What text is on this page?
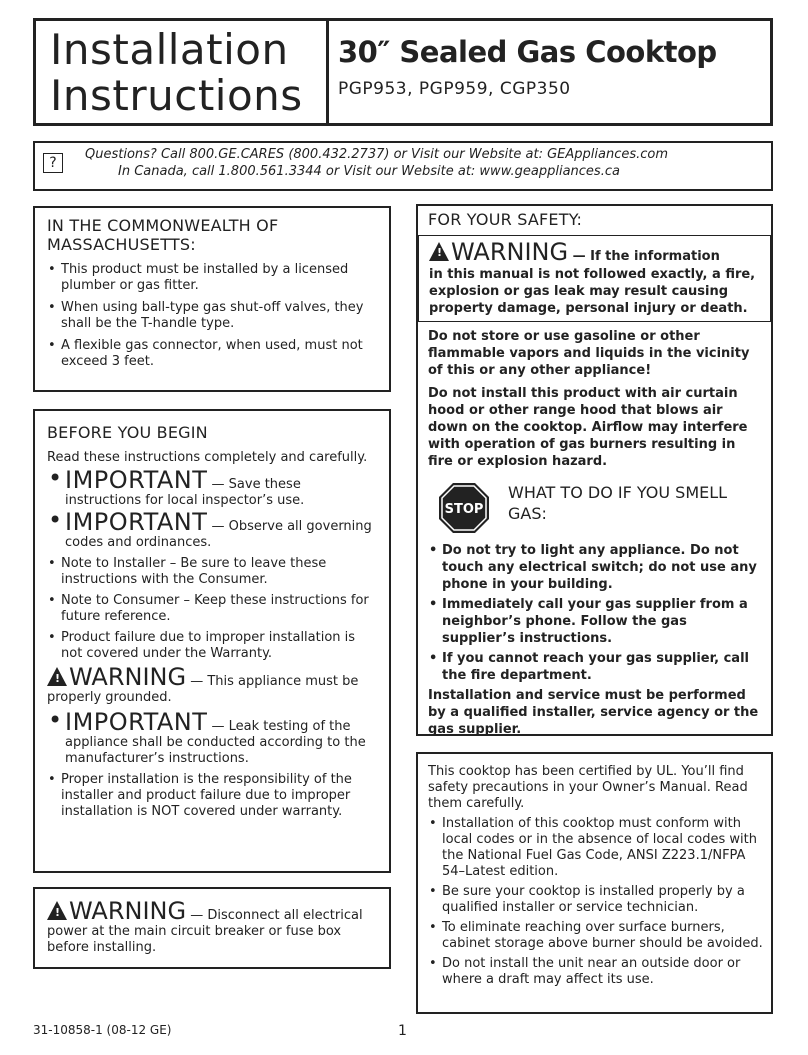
Installation
Instructions
30″ Sealed Gas Cooktop
PGP953, PGP959, CGP350
?
Questions? Call 800.GE.CARES (800.432.2737) or Visit our Website at: GEAppliances.com
In Canada, call 1.800.561.3344 or Visit our Website at: www.geappliances.ca
IN THE COMMONWEALTH OF
MASSACHUSETTS:
• This product must be installed by a licensed plumber or gas fitter.
• When using ball-type gas shut-off valves, they shall be the T-handle type.
• A flexible gas connector, when used, must not exceed 3 feet.
BEFORE YOU BEGIN
Read these instructions completely and carefully.
• IMPORTANT — Save these instructions for local inspector’s use.
• IMPORTANT — Observe all governing codes and ordinances.
• Note to Installer – Be sure to leave these instructions with the Consumer.
• Note to Consumer – Keep these instructions for future reference.
• Product failure due to improper installation is not covered under the Warranty.
!WARNING — This appliance must be properly grounded.
• IMPORTANT — Leak testing of the appliance shall be conducted according to the manufacturer’s instructions.
• Proper installation is the responsibility of the installer and product failure due to improper installation is NOT covered under warranty.
!WARNING — Disconnect all electrical power at the main circuit breaker or fuse box before installing.
FOR YOUR SAFETY:
!WARNING — If the information
in this manual is not followed exactly, a fire, explosion or gas leak may result causing property damage, personal injury or death.

Do not store or use gasoline or other flammable vapors and liquids in the vicinity of this or any other appliance!

Do not install this product with air curtain hood or other range hood that blows air down on the cooktop. Airflow may interfere with operation of gas burners resulting in fire or explosion hazard.

STOP
WHAT TO DO IF YOU SMELL GAS:
• Do not try to light any appliance. Do not touch any electrical switch; do not use any phone in your building.
• Immediately call your gas supplier from a neighbor’s phone. Follow the gas supplier’s instructions.
• If you cannot reach your gas supplier, call the fire department.

Installation and service must be performed by a qualified installer, service agency or the gas supplier.

This cooktop has been certified by UL. You’ll find safety precautions in your Owner’s Manual. Read them carefully.
• Installation of this cooktop must conform with local codes or in the absence of local codes with the National Fuel Gas Code, ANSI Z223.1/NFPA 54–Latest edition.
• Be sure your cooktop is installed properly by a qualified installer or service technician.
• To eliminate reaching over surface burners, cabinet storage above burner should be avoided.
• Do not install the unit near an outside door or where a draft may affect its use.
31-10858-1 (08-12 GE)	1
